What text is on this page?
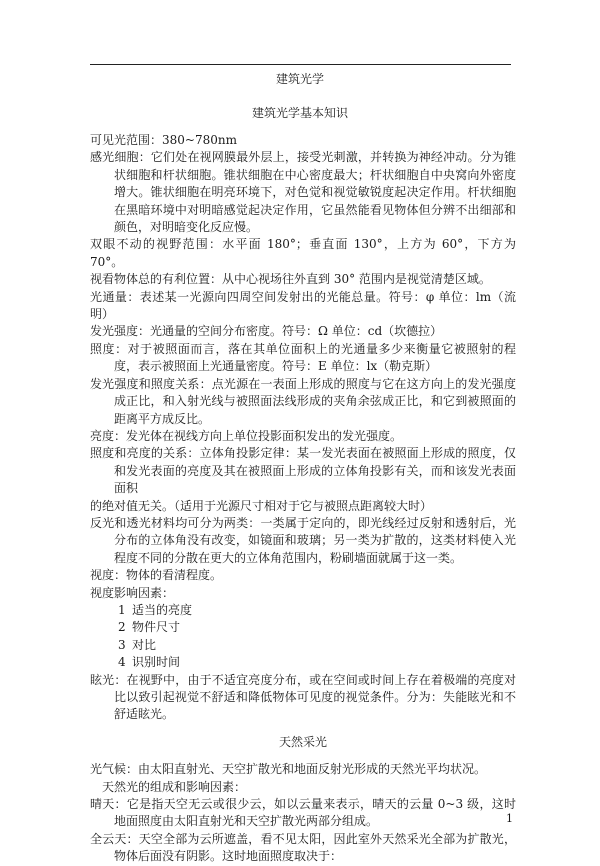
建筑光学
建筑光学基本知识

可见光范围：380~780nm

感光细胞：它们处在视网膜最外层上，接受光刺激，并转换为神经冲动。分为锥状细胞和杆状细胞。锥状细胞在中心密度最大；杆状细胞自中央窝向外密度增大。锥状细胞在明亮环境下，对色觉和视觉敏锐度起决定作用。杆状细胞在黑暗环境中对明暗感觉起决定作用，它虽然能看见物体但分辨不出细部和颜色，对明暗变化反应慢。

双眼不动的视野范围：水平面 180°；垂直面 130°，上方为 60°，下方为 70°。

视看物体总的有利位置：从中心视场往外直到 30° 范围内是视觉清楚区域。

光通量：表述某一光源向四周空间发射出的光能总量。符号：φ 单位：lm（流明）

发光强度：光通量的空间分布密度。符号：Ω 单位：cd（坎德拉）

照度：对于被照面而言，落在其单位面积上的光通量多少来衡量它被照射的程度，表示被照面上光通量密度。符号：E 单位：lx（勒克斯）

发光强度和照度关系：点光源在一表面上形成的照度与它在这方向上的发光强度成正比，和入射光线与被照面法线形成的夹角余弦成正比，和它到被照面的距离平方成反比。

亮度：发光体在视线方向上单位投影面积发出的发光强度。

照度和亮度的关系：立体角投影定律：某一发光表面在被照面上形成的照度，仅和发光表面的亮度及其在被照面上形成的立体角投影有关，而和该发光表面面积

的绝对值无关。（适用于光源尺寸相对于它与被照点距离较大时）

反光和透光材料均可分为两类：一类属于定向的，即光线经过反射和透射后，光分布的立体角没有改变，如镜面和玻璃；另一类为扩散的，这类材料使入光程度不同的分散在更大的立体角范围内，粉刷墙面就属于这一类。

视度：物体的看清程度。

视度影响因素：

1 适当的亮度
2 物件尺寸
3 对比
4 识别时间

眩光：在视野中，由于不适宜亮度分布，或在空间或时间上存在着极端的亮度对比以致引起视觉不舒适和降低物体可见度的视觉条件。分为：失能眩光和不舒适眩光。

天然采光

光气候：由太阳直射光、天空扩散光和地面反射光形成的天然光平均状况。

天然光的组成和影响因素：

晴天：它是指天空无云或很少云，如以云量来表示，晴天的云量 0~3 级，这时地面照度由太阳直射光和天空扩散光两部分组成。

全云天：天空全部为云所遮盖，看不见太阳，因此室外天然采光全部为扩散光，物体后面没有阴影。这时地面照度取决于：

1
